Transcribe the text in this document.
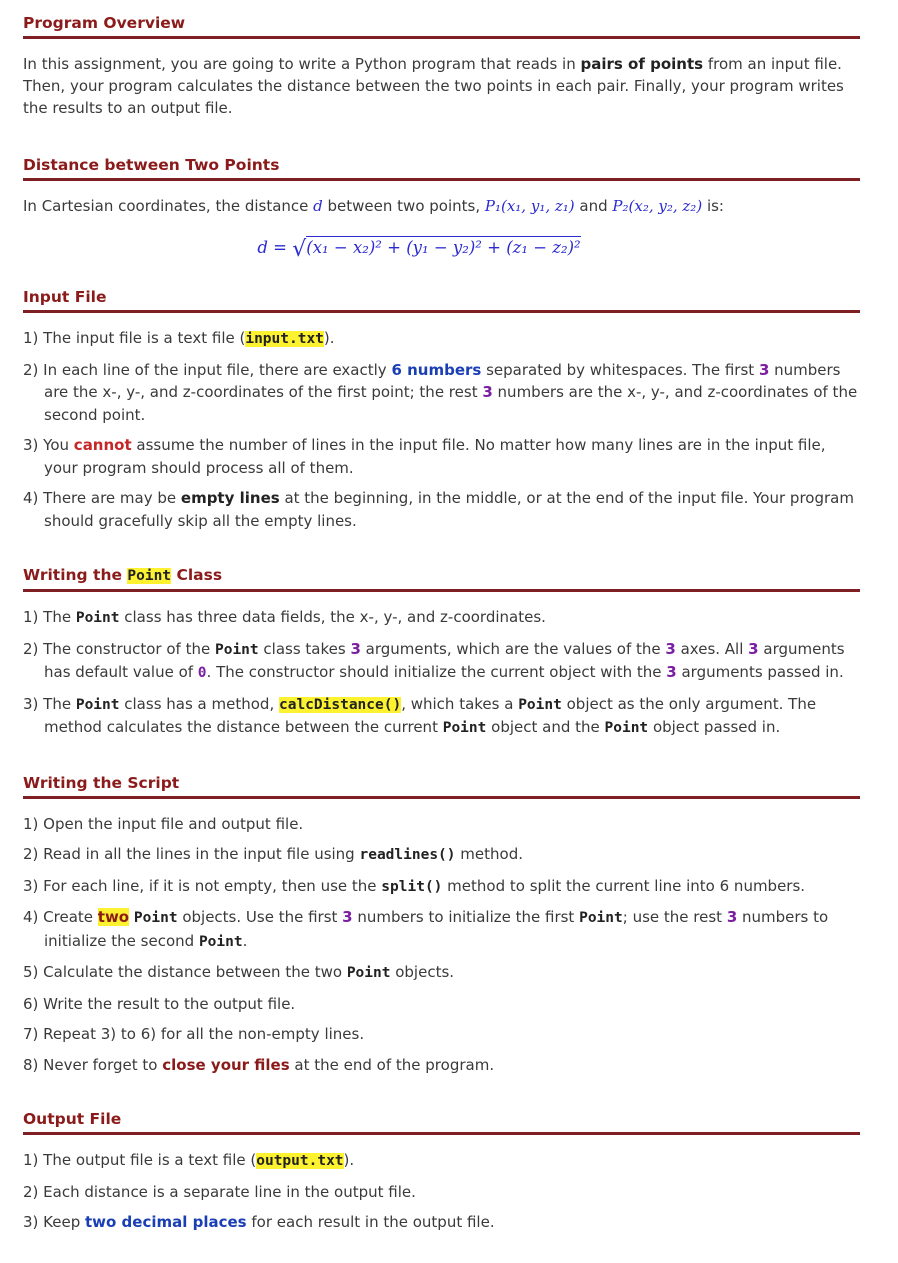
Program Overview

In this assignment, you are going to write a Python program that reads in pairs of points from an input file. Then, your program calculates the distance between the two points in each pair. Finally, your program writes the results to an output file.

Distance between Two Points

In Cartesian coordinates, the distance d between two points, P₁(x₁, y₁, z₁) and P₂(x₂, y₂, z₂) is:

d = √(x₁ − x₂)² + (y₁ − y₂)² + (z₁ − z₂)²
Input File
1) The input file is a text file (input.txt).
2) In each line of the input file, there are exactly 6 numbers separated by whitespaces. The first 3 numbers are the x-, y-, and z-coordinates of the first point; the rest 3 numbers are the x-, y-, and z-coordinates of the second point.
3) You cannot assume the number of lines in the input file. No matter how many lines are in the input file, your program should process all of them.
4) There are may be empty lines at the beginning, in the middle, or at the end of the input file. Your program should gracefully skip all the empty lines.
Writing the Point Class
1) The Point class has three data fields, the x-, y-, and z-coordinates.
2) The constructor of the Point class takes 3 arguments, which are the values of the 3 axes. All 3 arguments has default value of 0. The constructor should initialize the current object with the 3 arguments passed in.
3) The Point class has a method, calcDistance(), which takes a Point object as the only argument. The method calculates the distance between the current Point object and the Point object passed in.
Writing the Script
1) Open the input file and output file.
2) Read in all the lines in the input file using readlines() method.
3) For each line, if it is not empty, then use the split() method to split the current line into 6 numbers.
4) Create two Point objects. Use the first 3 numbers to initialize the first Point; use the rest 3 numbers to initialize the second Point.
5) Calculate the distance between the two Point objects.
6) Write the result to the output file.
7) Repeat 3) to 6) for all the non-empty lines.
8) Never forget to close your files at the end of the program.
Output File
1) The output file is a text file (output.txt).
2) Each distance is a separate line in the output file.
3) Keep two decimal places for each result in the output file.
